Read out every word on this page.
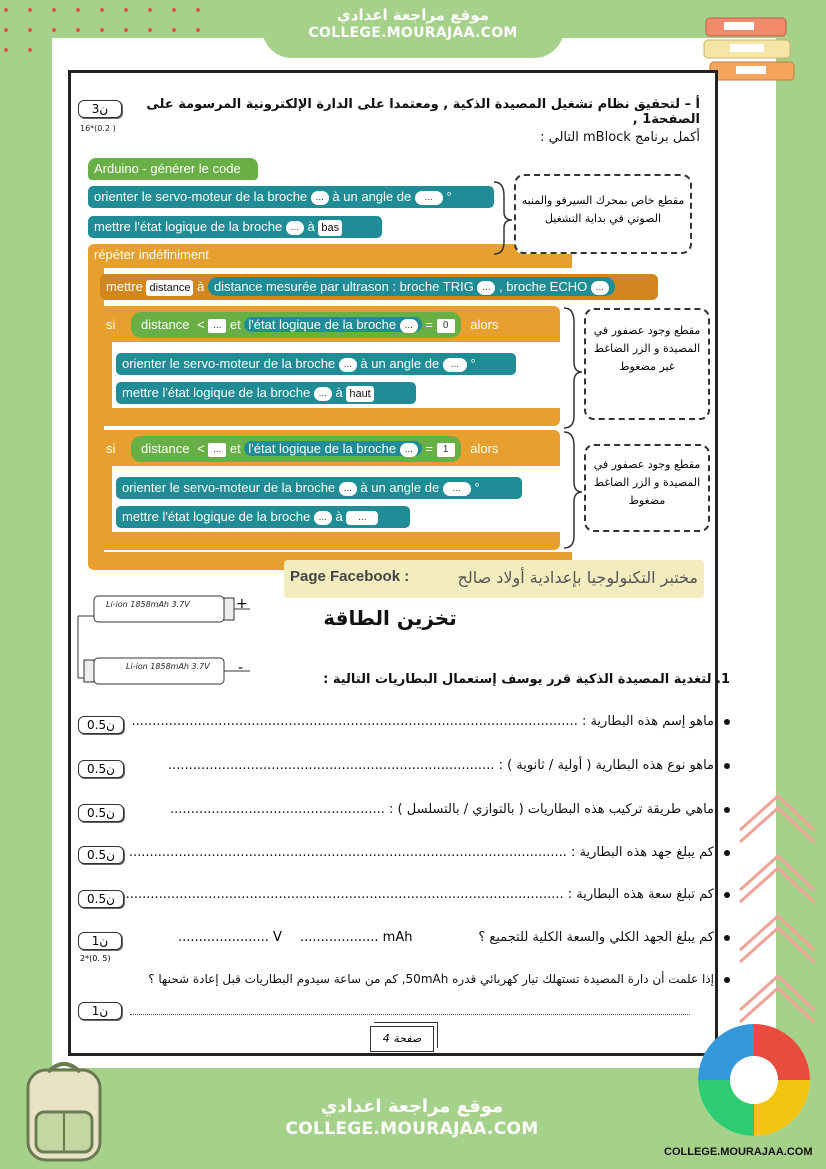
موقع مراجعة اعدادي
COLLEGE.MOURAJAA.COM
3ن
16*(0.2 )
أ – لتحقيق نظام تشغيل المصيدة الذكية , ومعتمدا على الدارة الإلكترونية المرسومة على الصفحة1 ,
أكمل برنامج mBlock التالي :
Arduino - générer le code
orienter le servo-moteur de la broche ... à un angle de ... °
mettre l'état logique de la broche ... à bas
répéter indéfiniment
mettre distance à distance mesurée par ultrason : broche TRIG ... , broche ECHO ...
si distance < ... et l'état logique de la broche ... = 0 alors
orienter le servo-moteur de la broche ... à un angle de ... °
mettre l'état logique de la broche ... à haut
si distance < ... et l'état logique de la broche ... = 1 alors
orienter le servo-moteur de la broche ... à un angle de ... °
mettre l'état logique de la broche ... à ...
مقطع خاص بمحرك السيرفو والمنبه الصوتي في بداية التشغيل
مقطع وجود عصفور في المصيدة و الزر الضاغط غير مضغوط
مقطع وجود عصفور في المصيدة و الزر الضاغط مضغوط
Page Facebook :	مختبر التكنولوجيا بإعدادية أولاد صالح
Li-ion 1858mAh 3.7V
Li-ion 1858mAh 3.7V
+
-
تخزين الطاقة
1. لتغدية المصيدة الذكية قرر يوسف إستعمال البطاريات التالية :
ماهو إسم هذه البطارية : ............................................................................................................
0.5ن
ماهو نوع هذه البطارية ( أولية / ثانوية ) : ...............................................................................
0.5ن
ماهي طريقة تركيب هذه البطاريات ( بالتوازي / بالتسلسل ) : ....................................................
0.5ن
كم يبلغ جهد هذه البطارية : ..........................................................................................................
0.5ن
كم تبلغ سعة هذه البطارية : ..........................................................................................................
0.5ن
كم يبلغ الجهد الكلي والسعة الكلية للتجميع ؟
mAh ...................
V ......................
1ن
2*(0. 5)
إذا علمت أن دارة المصيدة تستهلك تيار كهربائي قدره 50mAh, كم من ساعة سيدوم البطاريات قبل إعادة شحنها ؟
1ن
صفحة 4
موقع مراجعة اعدادي
COLLEGE.MOURAJAA.COM
COLLEGE.MOURAJAA.COM
